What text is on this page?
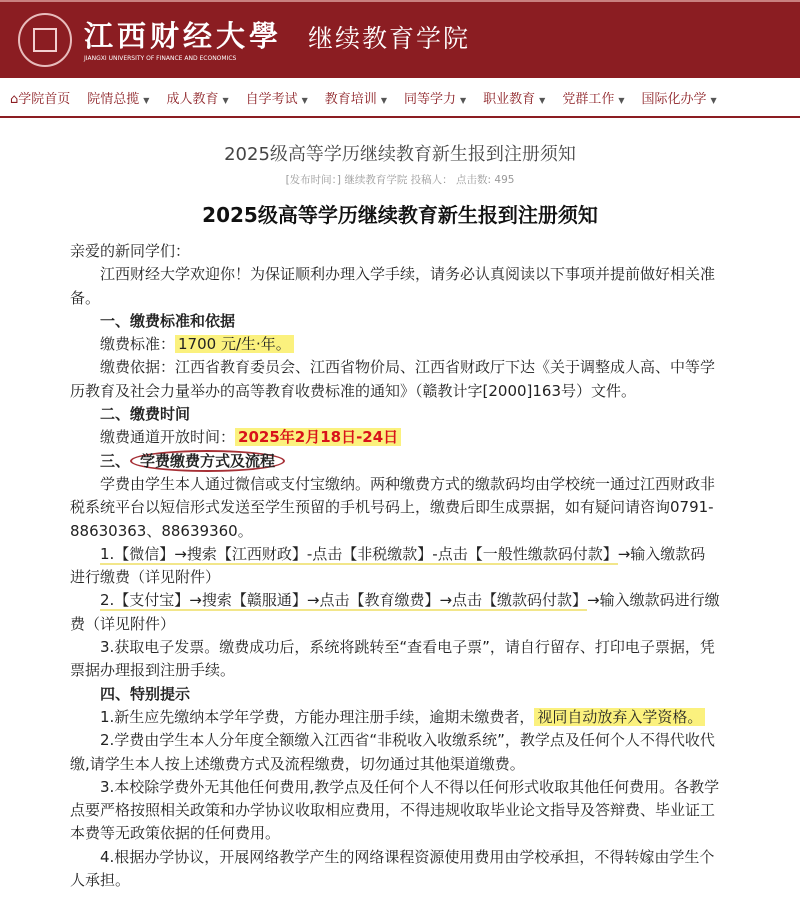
江西财经大學
JIANGXI UNIVERSITY OF FINANCE AND ECONOMICS
继续教育学院
⌂学院首页 院情总揽 ▼ 成人教育 ▼ 自学考试 ▼ 教育培训 ▼ 同等学力 ▼ 职业教育 ▼ 党群工作 ▼ 国际化办学 ▼
2025级高等学历继续教育新生报到注册须知
[发布时间：] 继续教育学院 投稿人： 点击数: 495
2025级高等学历继续教育新生报到注册须知

亲爱的新同学们：

江西财经大学欢迎你！为保证顺利办理入学手续，请务必认真阅读以下事项并提前做好相关准备。

一、缴费标准和依据

缴费标准： 1700 元/生·年。

缴费依据：江西省教育委员会、江西省物价局、江西省财政厅下达《关于调整成人高、中等学历教育及社会力量举办的高等教育收费标准的通知》（赣教计字[2000]163号）文件。

二、缴费时间

缴费通道开放时间： 2025年2月18日-24日

三、 学费缴费方式及流程

学费由学生本人通过微信或支付宝缴纳。两种缴费方式的缴款码均由学校统一通过江西财政非税系统平台以短信形式发送至学生预留的手机号码上，缴费后即生成票据，如有疑问请咨询0791-88630363、88639360。

1.【微信】→搜索【江西财政】-点击【非税缴款】-点击【一般性缴款码付款】→输入缴款码进行缴费（详见附件）

2.【支付宝】→搜索【赣服通】→点击【教育缴费】→点击【缴款码付款】→输入缴款码进行缴费（详见附件）

3.获取电子发票。缴费成功后，系统将跳转至“查看电子票”，请自行留存、打印电子票据，凭票据办理报到注册手续。

四、特别提示

1.新生应先缴纳本学年学费，方能办理注册手续，逾期未缴费者， 视同自动放弃入学资格。

2.学费由学生本人分年度全额缴入江西省“非税收入收缴系统”，教学点及任何个人不得代收代缴,请学生本人按上述缴费方式及流程缴费，切勿通过其他渠道缴费。

3.本校除学费外无其他任何费用,教学点及任何个人不得以任何形式收取其他任何费用。各教学点要严格按照相关政策和办学协议收取相应费用，不得违规收取毕业论文指导及答辩费、毕业证工本费等无政策依据的任何费用。

4.根据办学协议，开展网络教学产生的网络课程资源使用费用由学校承担，不得转嫁由学生个人承担。
